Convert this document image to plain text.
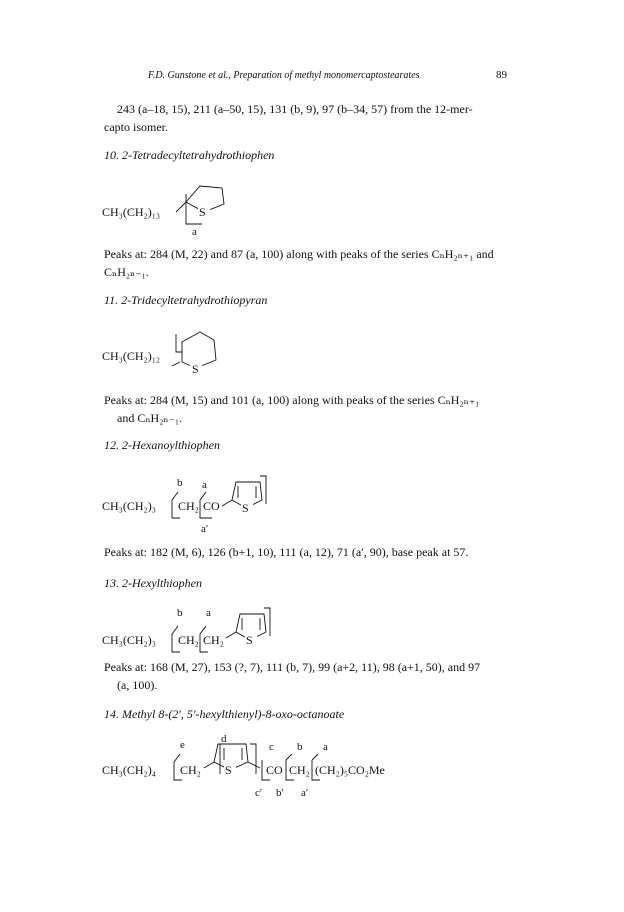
F.D. Gunstone et al., Preparation of methyl monomercaptostearates	89
243 (a–18, 15), 211 (a–50, 15), 131 (b, 9), 97 (b–34, 57) from the 12-mer-
capto isomer.
10. 2-Tetradecyltetrahydrothiophen
CH₃(CH₂)₁₃	S
a
Peaks at: 284 (M, 22) and 87 (a, 100) along with peaks of the series CₙH₂ₙ₊₁ and
CₙH₂ₙ₋₁.
11. 2-Tridecyltetrahydrothiopyran
CH₃(CH₂)₁₂
S
Peaks at: 284 (M, 15) and 101 (a, 100) along with peaks of the series CₙH₂ₙ₊₁
and CₙH₂ₙ₋₁.
12. 2-Hexanoylthiophen
CH₃(CH₂)₃
b
CH₂
a
CO
a′
S
Peaks at: 182 (M, 6), 126 (b+1, 10), 111 (a, 12), 71 (a′, 90), base peak at 57.
13. 2-Hexylthiophen
CH₃(CH₂)₃
b
CH₂
a
CH₂ S
Peaks at: 168 (M, 27), 153 (?, 7), 111 (b, 7), 99 (a+2, 11), 98 (a+1, 50), and 97
(a, 100).
14. Methyl 8-(2′, 5′-hexylthienyl)-8-oxo-octanoate
CH₃(CH₂)₄
e
CH₂
d
S
c
CO
b
CH₂
a
(CH₂)₅CO₂Me
c′ b′ a′
